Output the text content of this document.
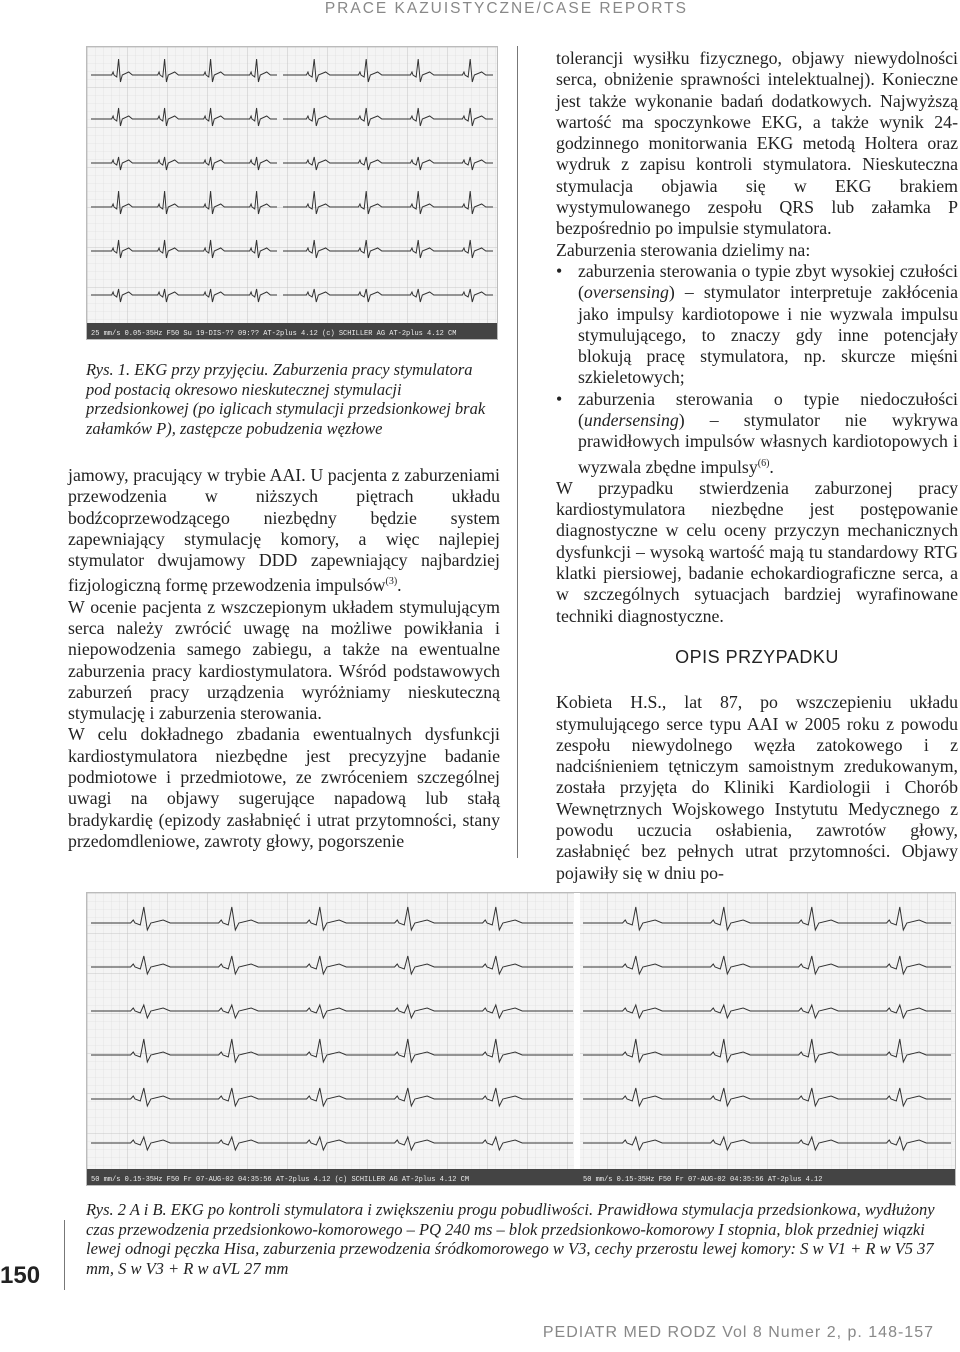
PRACE KAZUISTYCZNE/CASE REPORTS
25 mm/s 0.05-35Hz F50 Su 19-DIS-?? 09:?? AT-2plus 4.12 (c) SCHILLER AG AT-2plus 4.12 CM
Rys. 1. EKG przy przyjęciu. Zaburzenia pracy stymulatora pod postacią okresowo nieskutecznej stymulacji przedsionkowej (po iglicach stymulacji przedsionkowej brak załamków P), zastępcze pobudzenia węzłowe

jamowy, pracujący w trybie AAI. U pacjenta z zaburzeniami przewodzenia w niższych piętrach układu bodźcoprzewodzącego niezbędny będzie system zapewniający stymulację komory, a więc najlepiej stymulator dwujamowy DDD zapewniający najbardziej fizjologiczną formę przewodzenia impulsów$^{(3)}$.

W ocenie pacjenta z wszczepionym układem stymulującym serca należy zwrócić uwagę na możliwe powikłania i niepowodzenia samego zabiegu, a także na ewentualne zaburzenia pracy kardiostymulatora. Wśród podstawowych zaburzeń pracy urządzenia wyróżniamy nieskuteczną stymulację i zaburzenia sterowania.

W celu dokładnego zbadania ewentualnych dysfunkcji kardiostymulatora niezbędne jest precyzyjne badanie podmiotowe i przedmiotowe, ze zwróceniem szczególnej uwagi na objawy sugerujące napadową lub stałą bradykardię (epizody zasłabnięć i utrat przytomności, stany przedomdleniowe, zawroty głowy, pogorszenie

tolerancji wysiłku fizycznego, objawy niewydolności serca, obniżenie sprawności intelektualnej). Konieczne jest także wykonanie badań dodatkowych. Najwyższą wartość ma spoczynkowe EKG, a także wynik 24-godzinnego monitorwania EKG metodą Holtera oraz wydruk z zapisu kontroli stymulatora. Nieskuteczna stymulacja objawia się w EKG brakiem wystymulowanego zespołu QRS lub załamka P bezpośrednio po impulsie stymulatora.

Zaburzenia sterowania dzielimy na:

• zaburzenia sterowania o typie zbyt wysokiej czułości (oversensing) – stymulator interpretuje zakłócenia jako impulsy kardiotopowe i nie wyzwala impulsu stymulującego, to znaczy gdy inne potencjały blokują pracę stymulatora, np. skurcze mięśni szkieletowych;
• zaburzenia sterowania o typie niedoczułości (undersensing) – stymulator nie wykrywa prawidłowych impulsów własnych kardiotopowych i wyzwala zbędne impulsy$^{(6)}$.

W przypadku stwierdzenia zaburzonej pracy kardiostymulatora niezbędne jest postępowanie diagnostyczne w celu oceny przyczyn mechanicznych dysfunkcji – wysoką wartość mają tu standardowy RTG klatki piersiowej, badanie echokardiograficzne serca, a w szczególnych sytuacjach bardziej wyrafinowane techniki diagnostyczne.

OPIS PRZYPADKU

Kobieta H.S., lat 87, po wszczepieniu układu stymulującego serce typu AAI w 2005 roku z powodu zespołu niewydolnego węzła zatokowego i z nadciśnieniem tętniczym samoistnym zredukowanym, została przyjęta do Kliniki Kardiologii i Chorób Wewnętrznych Wojskowego Instytutu Medycznego z powodu uczucia osłabienia, zawrotów głowy, zasłabnięć bez pełnych utrat przytomności. Objawy pojawiły się w dniu po-

50 mm/s 0.15-35Hz F50 Fr 07-AUG-02 04:35:56 AT-2plus 4.12 (c) SCHILLER AG AT-2plus 4.12 CM	50 mm/s 0.15-35Hz F50 Fr 07-AUG-02 04:35:56 AT-2plus 4.12
Rys. 2 A i B. EKG po kontroli stymulatora i zwiększeniu progu pobudliwości. Prawidłowa stymulacja przedsionkowa, wydłużony czas przewodzenia przedsionkowo-komorowego – PQ 240 ms – blok przedsionkowo-komorowy I stopnia, blok przedniej wiązki lewej odnogi pęczka Hisa, zaburzenia przewodzenia śródkomorowego w V3, cechy przerostu lewej komory: S w V1 + R w V5 37 mm, S w V3 + R w aVL 27 mm
150
PEDIATR MED RODZ Vol 8 Numer 2, p. 148-157
